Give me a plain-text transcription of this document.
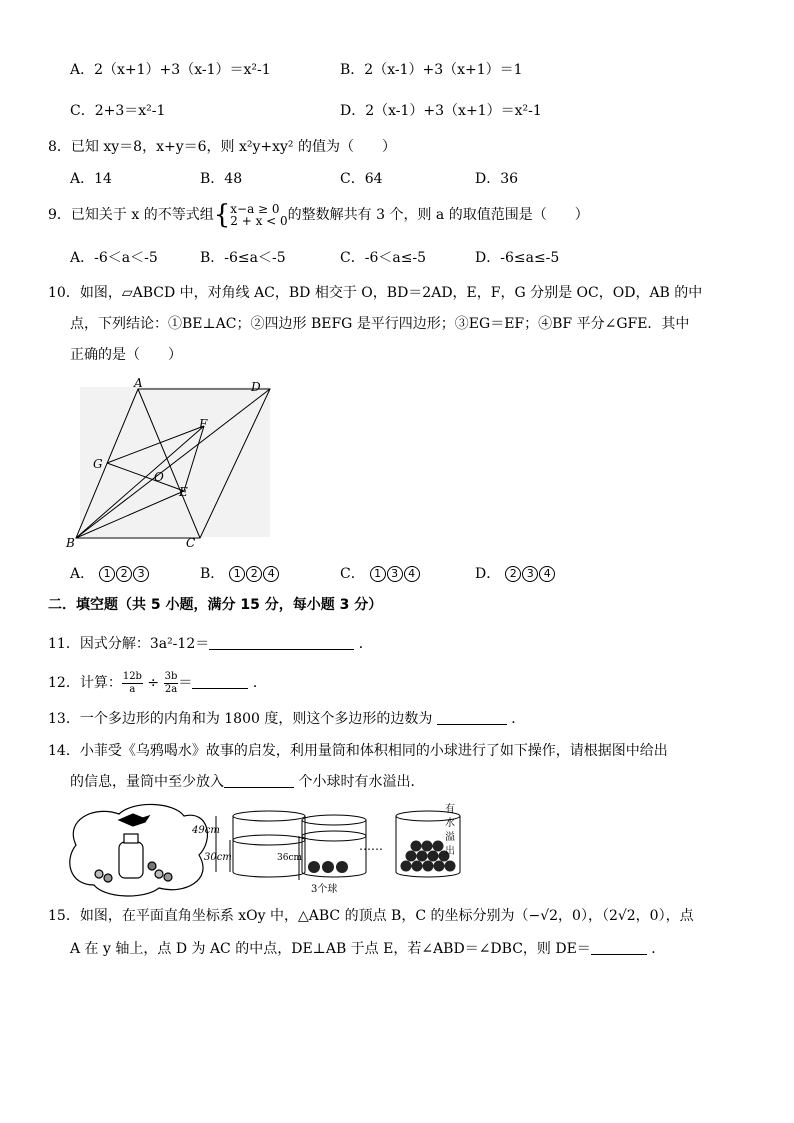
A．2（x+1）+3（x-1）＝x²-1	B．2（x-1）+3（x+1）＝1
C．2+3＝x²-1	D．2（x-1）+3（x+1）＝x²-1
8．已知 xy＝8，x+y＝6，则 x²y+xy² 的值为（　　）
A．14	B．48	C．64	D．36
9．已知关于 x 的不等式组{ x−a ≥ 0
2 + x < 0 的整数解共有 3 个，则 a 的取值范围是（　　）
A．-6＜a＜-5	B．-6≤a＜-5	C．-6＜a≤-5	D．-6≤a≤-5
10．如图，▱ABCD 中，对角线 AC，BD 相交于 O，BD＝2AD，E，F，G 分别是 OC，OD，AB 的中
点，下列结论：①BE⊥AC；②四边形 BEFG 是平行四边形；③EG＝EF；④BF 平分∠GFE．其中
正确的是（　　）
A	D
F
G
O
E
B	C
A． 1 2 3	B． 1 2 4	C． 1 3 4	D． 2 3 4
二．填空题（共 5 小题，满分 15 分，每小题 3 分）
11．因式分解：3a²-12＝	．
12．计算： $\frac{12b}{a} \div \frac{3b}{2a}$ ＝	．
13．一个多边形的内角和为 1800 度，则这个多边形的边数为	．
14．小菲受《乌鸦喝水》故事的启发，利用量筒和体积相同的小球进行了如下操作，请根据图中给出
的信息，量筒中至少放入	个小球时有水溢出．
49cm
30cm	36cm
3个球
……
有
水
溢
出
15．如图，在平面直角坐标系 xOy 中，△ABC 的顶点 B，C 的坐标分别为（−√2，0），（2√2，0），点
A 在 y 轴上，点 D 为 AC 的中点，DE⊥AB 于点 E，若∠ABD＝∠DBC，则 DE＝	．
